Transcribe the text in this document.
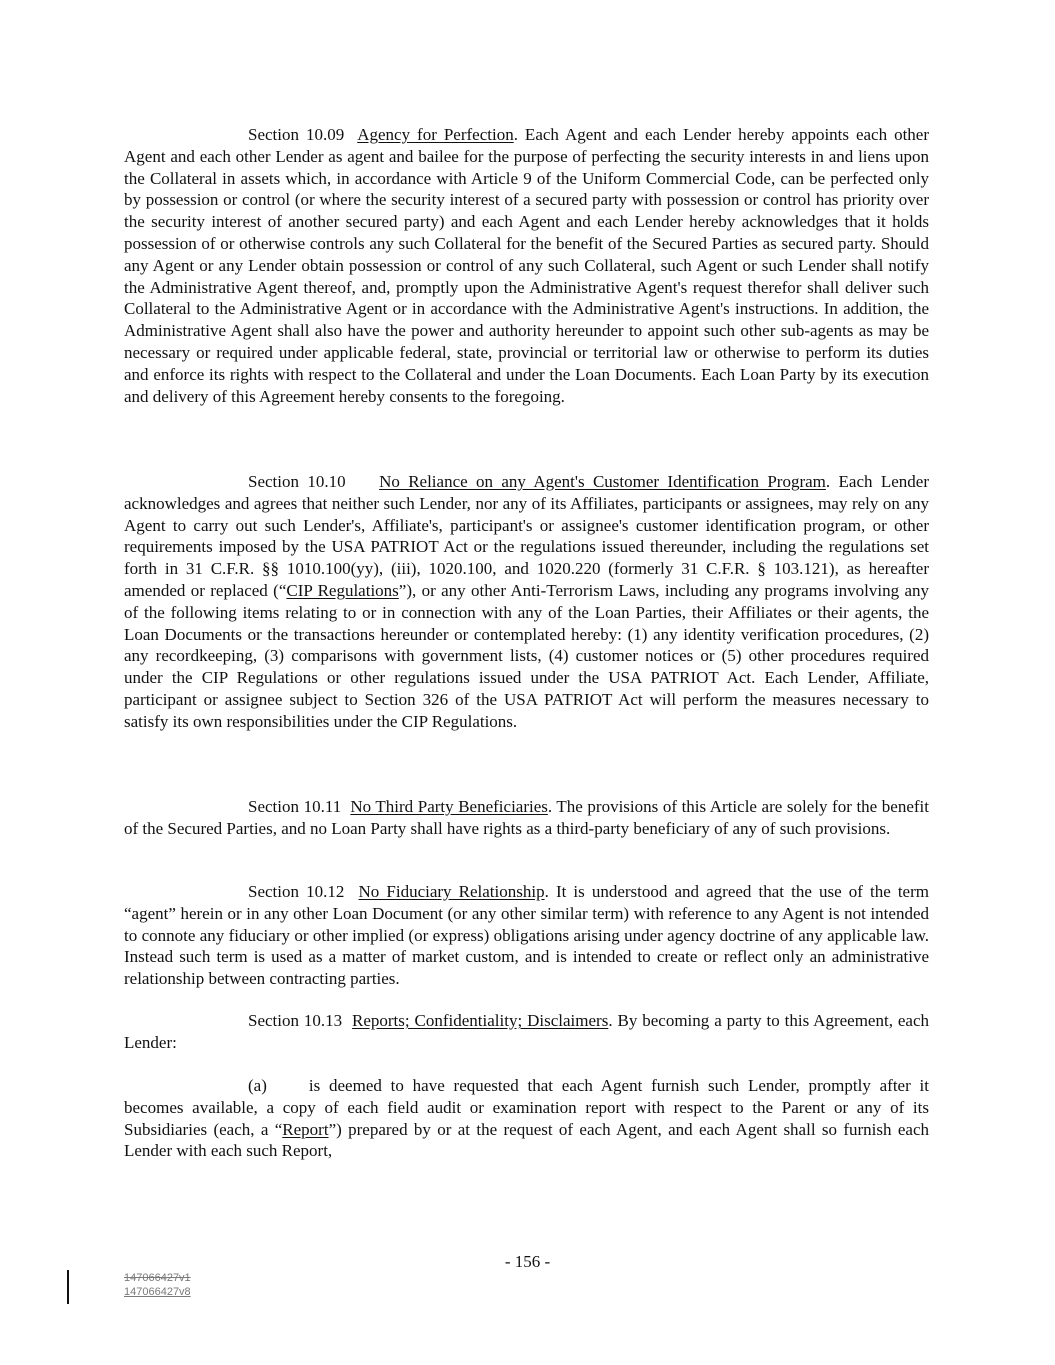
Section 10.09 Agency for Perfection. Each Agent and each Lender hereby appoints each other Agent and each other Lender as agent and bailee for the purpose of perfecting the security interests in and liens upon the Collateral in assets which, in accordance with Article 9 of the Uniform Commercial Code, can be perfected only by possession or control (or where the security interest of a secured party with possession or control has priority over the security interest of another secured party) and each Agent and each Lender hereby acknowledges that it holds possession of or otherwise controls any such Collateral for the benefit of the Secured Parties as secured party. Should any Agent or any Lender obtain possession or control of any such Collateral, such Agent or such Lender shall notify the Administrative Agent thereof, and, promptly upon the Administrative Agent's request therefor shall deliver such Collateral to the Administrative Agent or in accordance with the Administrative Agent's instructions. In addition, the Administrative Agent shall also have the power and authority hereunder to appoint such other sub-agents as may be necessary or required under applicable federal, state, provincial or territorial law or otherwise to perform its duties and enforce its rights with respect to the Collateral and under the Loan Documents. Each Loan Party by its execution and delivery of this Agreement hereby consents to the foregoing.

Section 10.10 No Reliance on any Agent's Customer Identification Program. Each Lender acknowledges and agrees that neither such Lender, nor any of its Affiliates, participants or assignees, may rely on any Agent to carry out such Lender's, Affiliate's, participant's or assignee's customer identification program, or other requirements imposed by the USA PATRIOT Act or the regulations issued thereunder, including the regulations set forth in 31 C.F.R. §§ 1010.100(yy), (iii), 1020.100, and 1020.220 (formerly 31 C.F.R. § 103.121), as hereafter amended or replaced (“CIP Regulations”), or any other Anti-Terrorism Laws, including any programs involving any of the following items relating to or in connection with any of the Loan Parties, their Affiliates or their agents, the Loan Documents or the transactions hereunder or contemplated hereby: (1) any identity verification procedures, (2) any recordkeeping, (3) comparisons with government lists, (4) customer notices or (5) other procedures required under the CIP Regulations or other regulations issued under the USA PATRIOT Act. Each Lender, Affiliate, participant or assignee subject to Section 326 of the USA PATRIOT Act will perform the measures necessary to satisfy its own responsibilities under the CIP Regulations.

Section 10.11 No Third Party Beneficiaries. The provisions of this Article are solely for the benefit of the Secured Parties, and no Loan Party shall have rights as a third-party beneficiary of any of such provisions.

Section 10.12 No Fiduciary Relationship. It is understood and agreed that the use of the term “agent” herein or in any other Loan Document (or any other similar term) with reference to any Agent is not intended to connote any fiduciary or other implied (or express) obligations arising under agency doctrine of any applicable law. Instead such term is used as a matter of market custom, and is intended to create or reflect only an administrative relationship between contracting parties.

Section 10.13 Reports; Confidentiality; Disclaimers. By becoming a party to this Agreement, each Lender:

(a) is deemed to have requested that each Agent furnish such Lender, promptly after it becomes available, a copy of each field audit or examination report with respect to the Parent or any of its Subsidiaries (each, a “Report”) prepared by or at the request of each Agent, and each Agent shall so furnish each Lender with each such Report,

- 156 -
147066427v1
147066427v8
